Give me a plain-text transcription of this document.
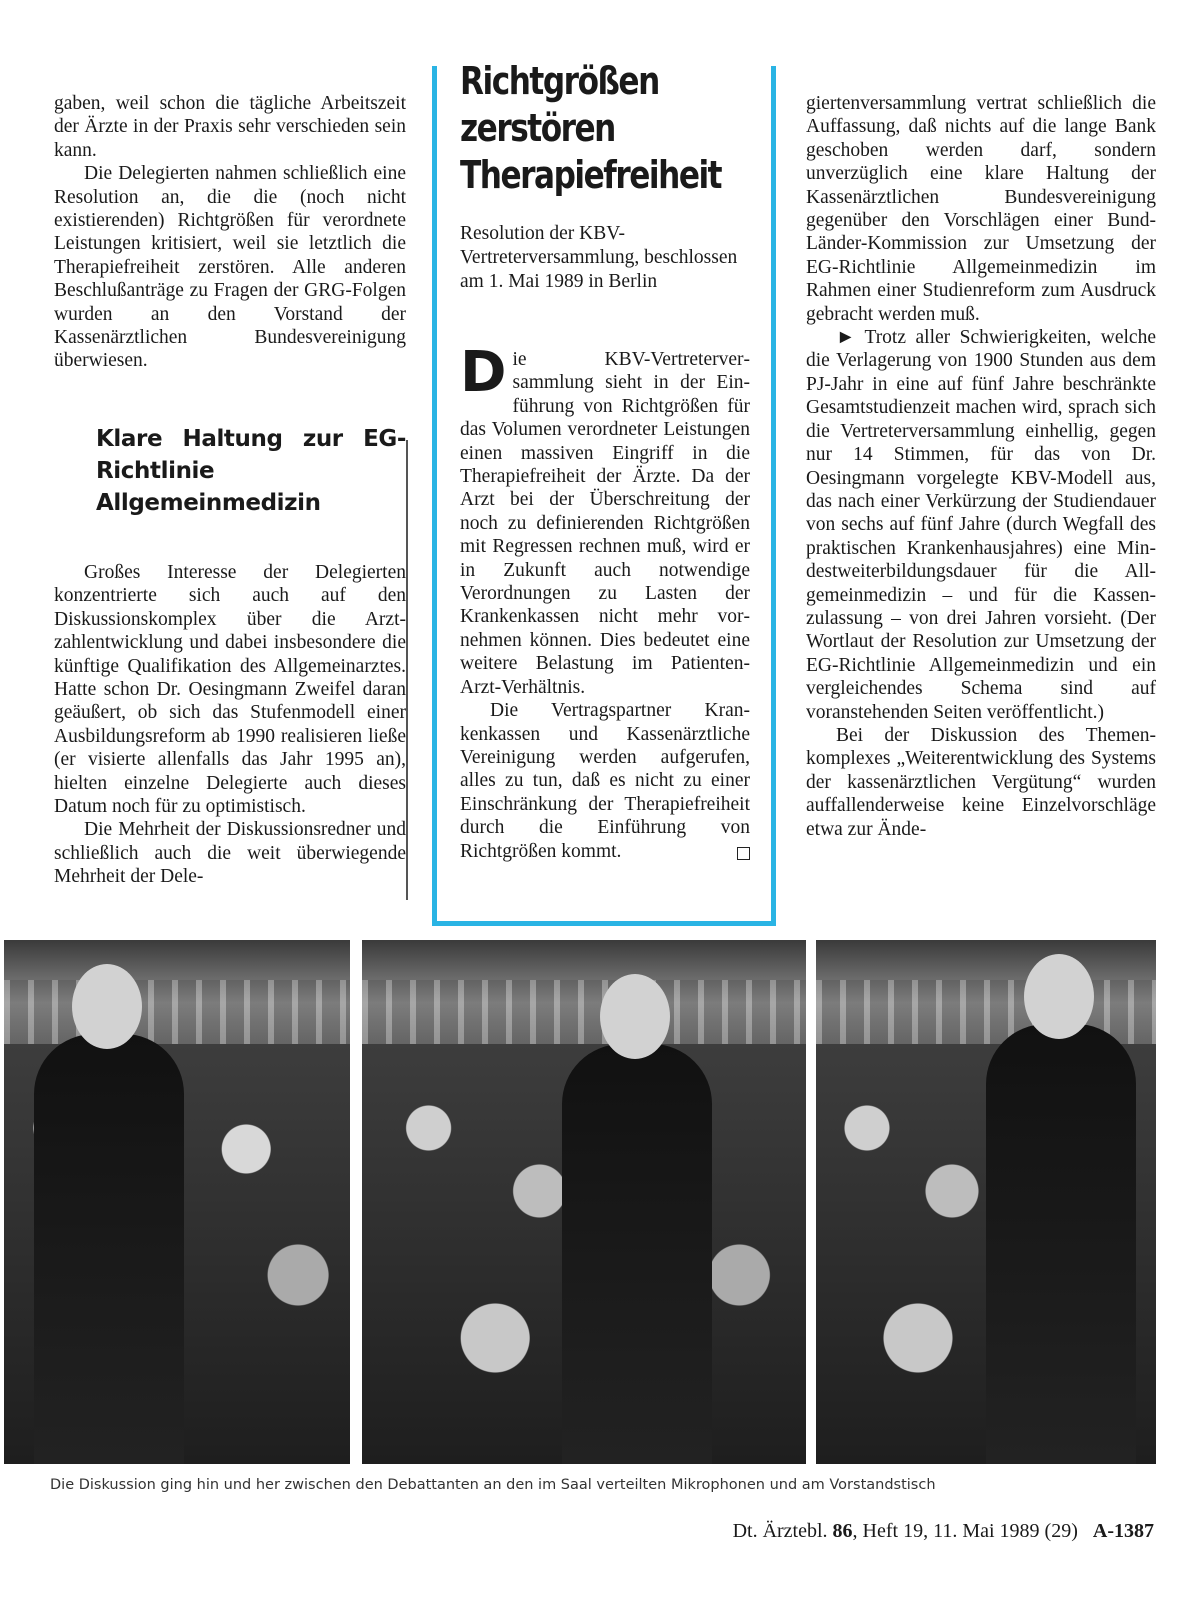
gaben, weil schon die tägliche Arbeitszeit der Ärzte in der Praxis sehr verschieden sein kann.

Die Delegierten nahmen schließlich eine Resolution an, die die (noch nicht existierenden) Richtgrößen für verordnete Leistungen kritisiert, weil sie letztlich die Therapiefreiheit zerstören. Alle anderen Beschlußanträge zu Fragen der GRG-Folgen wurden an den Vorstand der Kassenärztlichen Bundesvereinigung überwiesen.

Klare Haltung zur EG-Richtlinie Allgemeinmedizin

Großes Interesse der Delegierten konzentrierte sich auch auf den Diskussionskomplex über die Arztzahlentwicklung und dabei insbesondere die künftige Qualifikation des Allgemeinarztes. Hatte schon Dr. Oesingmann Zweifel daran geäußert, ob sich das Stufenmodell einer Ausbildungsreform ab 1990 realisieren ließe (er visierte allenfalls das Jahr 1995 an), hielten einzelne Delegierte auch dieses Datum noch für zu optimistisch.

Die Mehrheit der Diskussionsredner und schließlich auch die weit überwiegende Mehrheit der Dele-

Richtgrößen zerstören Therapiefreiheit
Resolution der KBV-Vertreterversammlung, beschlossen am 1. Mai 1989 in Berlin

Die KBV-Vertreterversammlung sieht in der Einführung von Richtgrößen für das Volumen verordneter Leistungen einen massiven Eingriff in die Therapiefreiheit der Ärzte. Da der Arzt bei der Überschreitung der noch zu definierenden Richtgrößen mit Regressen rechnen muß, wird er in Zukunft auch notwendige Verordnungen zu Lasten der Krankenkassen nicht mehr vornehmen können. Dies bedeutet eine weitere Belastung im Patienten-Arzt-Verhältnis.

Die Vertragspartner Krankenkassen und Kassenärztliche Vereinigung werden aufgerufen, alles zu tun, daß es nicht zu einer Einschränkung der Therapiefreiheit durch die Einführung von Richtgrößen kommt.

giertenversammlung vertrat schließlich die Auffassung, daß nichts auf die lange Bank geschoben werden darf, sondern unverzüglich eine klare Haltung der Kassenärztlichen Bundesvereinigung gegenüber den Vorschlägen einer Bund-Länder-Kommission zur Umsetzung der EG-Richtlinie Allgemeinmedizin im Rahmen einer Studienreform zum Ausdruck gebracht werden muß.

► Trotz aller Schwierigkeiten, welche die Verlagerung von 1900 Stunden aus dem PJ-Jahr in eine auf fünf Jahre beschränkte Gesamtstudienzeit machen wird, sprach sich die Vertreterversammlung einhellig, gegen nur 14 Stimmen, für das von Dr. Oesingmann vorgelegte KBV-Modell aus, das nach einer Verkürzung der Studiendauer von sechs auf fünf Jahre (durch Wegfall des praktischen Krankenhausjahres) eine Mindestweiterbildungsdauer für die Allgemeinmedizin – und für die Kassenzulassung – von drei Jahren vorsieht. (Der Wortlaut der Resolution zur Umsetzung der EG-Richtlinie Allgemeinmedizin und ein vergleichendes Schema sind auf voranstehenden Seiten veröffentlicht.)

Bei der Diskussion des Themenkomplexes „Weiterentwicklung des Systems der kassenärztlichen Vergütung“ wurden auffallenderweise keine Einzelvorschläge etwa zur Ände-

Die Diskussion ging hin und her zwischen den Debattanten an den im Saal verteilten Mikrophonen und am Vorstandstisch
Dt. Ärztebl. 86, Heft 19, 11. Mai 1989 (29) A-1387
